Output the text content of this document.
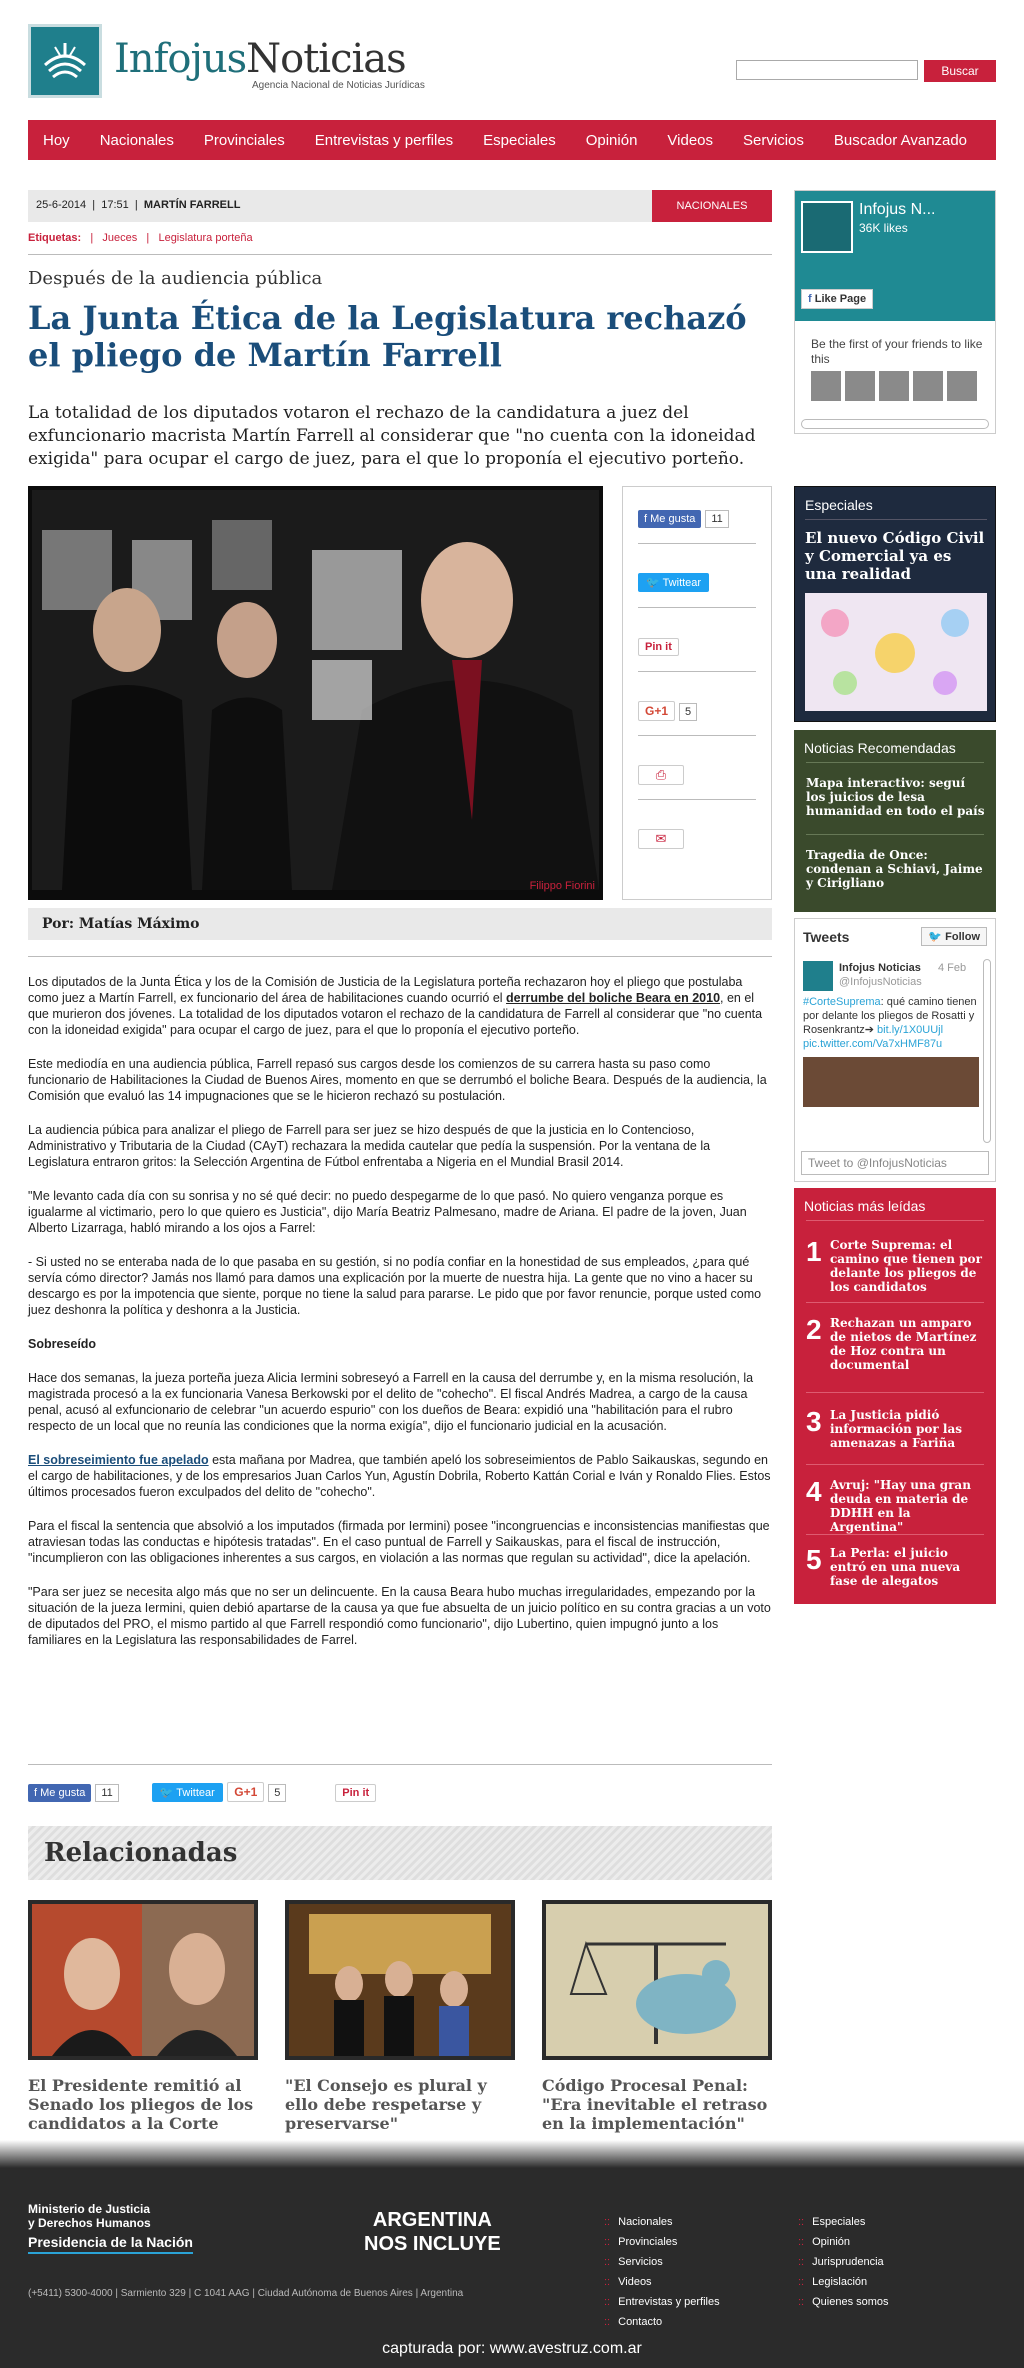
InfojusNoticias
Agencia Nacional de Noticias Jurídicas
Buscar
Hoy	Nacionales	Provinciales	Entrevistas y perfiles	Especiales	Opinión	Videos	Servicios	Buscador Avanzado
25-6-2014  |  17:51  |  MARTÍN FARRELL	NACIONALES
Etiquetas:   |   Jueces   |   Legislatura porteña
Después de la audiencia pública
La Junta Ética de la Legislatura rechazó el pliego de Martín Farrell
La totalidad de los diputados votaron el rechazo de la candidatura a juez del exfuncionario macrista Martín Farrell al considerar que "no cuenta con la idoneidad exigida" para ocupar el cargo de juez, para el que lo proponía el ejecutivo porteño.
Filippo Fiorini
f Me gusta 11
🐦 Twittear
Pin it
G+1 5
⎙
✉
Por: Matías Máximo

Los diputados de la Junta Ética y los de la Comisión de Justicia de la Legislatura porteña rechazaron hoy el pliego que postulaba como juez a Martín Farrell, ex funcionario del área de habilitaciones cuando ocurrió el derrumbe del boliche Beara en 2010, en el que murieron dos jóvenes. La totalidad de los diputados votaron el rechazo de la candidatura de Farrell al considerar que "no cuenta con la idoneidad exigida" para ocupar el cargo de juez, para el que lo proponía el ejecutivo porteño.

Este mediodía en una audiencia pública, Farrell repasó sus cargos desde los comienzos de su carrera hasta su paso como funcionario de Habilitaciones la Ciudad de Buenos Aires, momento en que se derrumbó el boliche Beara. Después de la audiencia, la Comisión que evaluó las 14 impugnaciones que se le hicieron rechazó su postulación.

La audiencia púbica para analizar el pliego de Farrell para ser juez se hizo después de que la justicia en lo Contencioso, Administrativo y Tributaria de la Ciudad (CAyT) rechazara la medida cautelar que pedía la suspensión. Por la ventana de la Legislatura entraron gritos: la Selección Argentina de Fútbol enfrentaba a Nigeria en el Mundial Brasil 2014.

"Me levanto cada día con su sonrisa y no sé qué decir: no puedo despegarme de lo que pasó. No quiero venganza porque es igualarme al victimario, pero lo que quiero es Justicia", dijo María Beatriz Palmesano, madre de Ariana. El padre de la joven, Juan Alberto Lizarraga, habló mirando a los ojos a Farrel:

- Si usted no se enteraba nada de lo que pasaba en su gestión, si no podía confiar en la honestidad de sus empleados, ¿para qué servía cómo director? Jamás nos llamó para damos una explicación por la muerte de nuestra hija. La gente que no vino a hacer su descargo es por la impotencia que siente, porque no tiene la salud para pararse. Le pido que por favor renuncie, porque usted como juez deshonra la política y deshonra a la Justicia.

Sobreseído

Hace dos semanas, la jueza porteña jueza Alicia Iermini sobreseyó a Farrell en la causa del derrumbe y, en la misma resolución, la magistrada procesó a la ex funcionaria Vanesa Berkowski por el delito de "cohecho". El fiscal Andrés Madrea, a cargo de la causa penal, acusó al exfuncionario de celebrar "un acuerdo espurio" con los dueños de Beara: expidió una "habilitación para el rubro respecto de un local que no reunía las condiciones que la norma exigía", dijo el funcionario judicial en la acusación.

El sobreseimiento fue apelado esta mañana por Madrea, que también apeló los sobreseimientos de Pablo Saikauskas, segundo en el cargo de habilitaciones, y de los empresarios Juan Carlos Yun, Agustín Dobrila, Roberto Kattán Corial e Iván y Ronaldo Flies. Estos últimos procesados fueron exculpados del delito de "cohecho".

Para el fiscal la sentencia que absolvió a los imputados (firmada por Iermini) posee "incongruencias e inconsistencias manifiestas que atraviesan todas las conductas e hipótesis tratadas". En el caso puntual de Farrell y Saikauskas, para el fiscal de instrucción, "incumplieron con las obligaciones inherentes a sus cargos, en violación a las normas que regulan su actividad", dice la apelación.

"Para ser juez se necesita algo más que no ser un delincuente. En la causa Beara hubo muchas irregularidades, empezando por la situación de la jueza Iermini, quien debió apartarse de la causa ya que fue absuelta de un juicio político en su contra gracias a un voto de diputados del PRO, el mismo partido al que Farrell respondió como funcionario", dijo Lubertino, quien impugnó junto a los familiares en la Legislatura las responsabilidades de Farrel.

f Me gusta 11	🐦 Twittear G+1 5	Pin it
Relacionadas
El Presidente remitió al Senado los pliegos de los candidatos a la Corte
"El Consejo es plural y ello debe respetarse y preservarse"
Código Procesal Penal: "Era inevitable el retraso en la implementación"
Infojus N...
36K likes
f Like Page
Be the first of your friends to like this
Especiales
El nuevo Código Civil y Comercial ya es una realidad
Noticias Recomendadas
Mapa interactivo: seguí los juicios de lesa humanidad en todo el país
Tragedia de Once: condenan a Schiavi, Jaime y Cirigliano
Tweets	🐦 Follow
Infojus Noticias 4 Feb
@InfojusNoticias
#CorteSuprema: qué camino tienen por delante los pliegos de Rosatti y Rosenkrantz➔ bit.ly/1X0UUjl
pic.twitter.com/Va7xHMF87u
Tweet to @InfojusNoticias
Noticias más leídas
1 Corte Suprema: el camino que tienen por delante los pliegos de los candidatos
2 Rechazan un amparo de nietos de Martínez de Hoz contra un documental
3 La Justicia pidió información por las amenazas a Fariña
4 Avruj: "Hay una gran deuda en materia de DDHH en la Argentina"
5 La Perla: el juicio entró en una nueva fase de alegatos
Ministerio de Justicia y Derechos Humanos
Presidencia de la Nación
ARGENTINA
NOS INCLUYE
(+5411) 5300-4000 | Sarmiento 329 | C 1041 AAG | Ciudad Autónoma de Buenos Aires | Argentina
:: Nacionales
:: Provinciales
:: Servicios
:: Videos
:: Entrevistas y perfiles
:: Contacto
:: Especiales
:: Opinión
:: Jurisprudencia
:: Legislación
:: Quienes somos
capturada por: www.avestruz.com.ar
